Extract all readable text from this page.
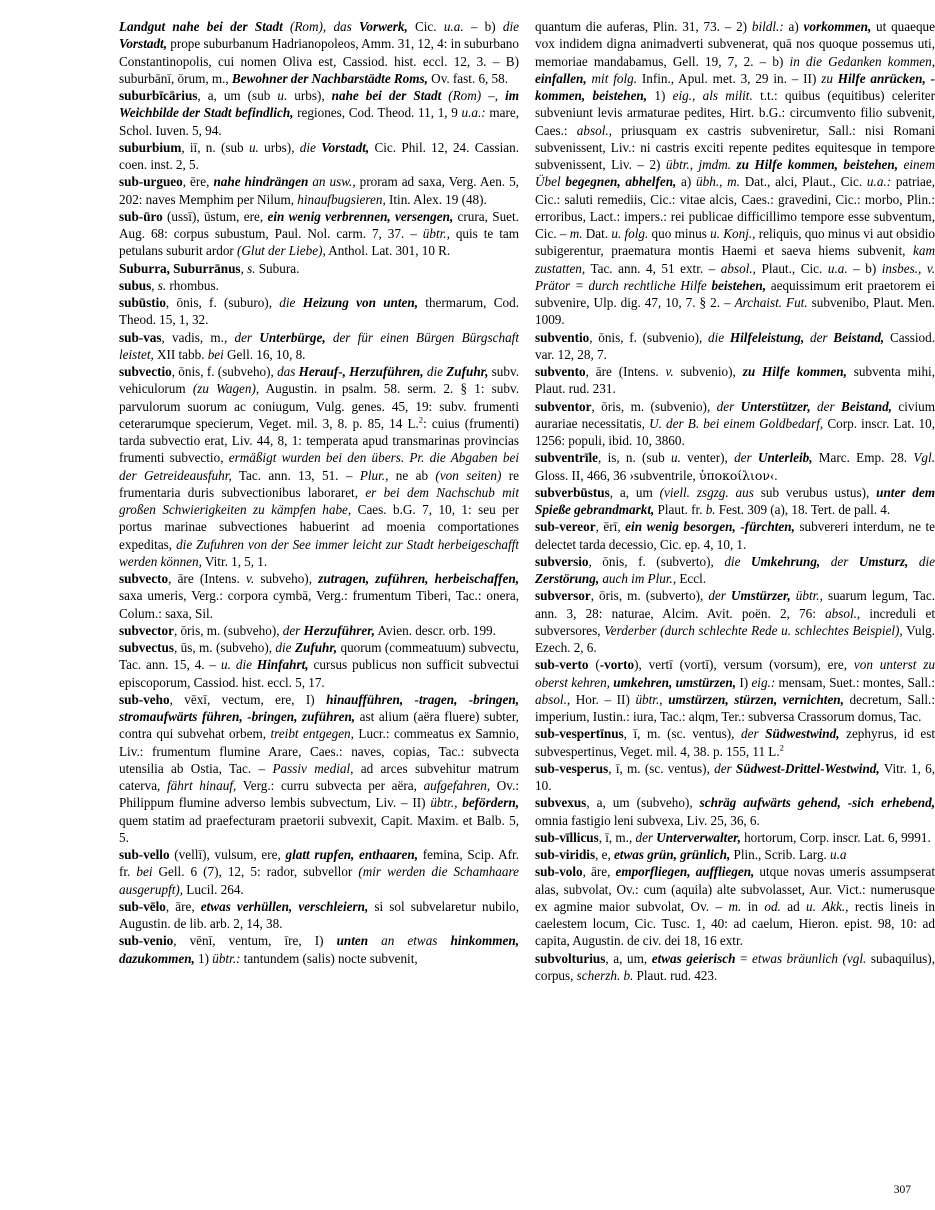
Landgut nahe bei der Stadt (Rom), das Vorwerk, Cic. u.a. – b) die Vorstadt, prope suburbanum Hadrianopoleos, Amm. 31, 12, 4: in suburbano Constantinopolis, cui nomen Oliva est, Cassiod. hist. eccl. 12, 3. – B) suburbānī, ōrum, m., Bewohner der Nachbarstädte Roms, Ov. fast. 6, 58.

suburbīcārius, a, um (sub u. urbs), nahe bei der Stadt (Rom) –, im Weichbilde der Stadt befindlich, regiones, Cod. Theod. 11, 1, 9 u.a.: mare, Schol. Iuven. 5, 94.

suburbium, iī, n. (sub u. urbs), die Vorstadt, Cic. Phil. 12, 24. Cassian. coen. inst. 2, 5.

sub-urgueo, ēre, nahe hindrängen an usw., proram ad saxa, Verg. Aen. 5, 202: naves Memphim per Nilum, hinaufbugsieren, Itin. Alex. 19 (48).

sub-ūro (ussī), ūstum, ere, ein wenig verbrennen, versengen, crura, Suet. Aug. 68: corpus subustum, Paul. Nol. carm. 7, 37. – übtr., quis te tam petulans suburit ardor (Glut der Liebe), Anthol. Lat. 301, 10 R.

Suburra, Suburrānus, s. Subura.

subus, s. rhombus.

subūstio, ōnis, f. (suburo), die Heizung von unten, thermarum, Cod. Theod. 15, 1, 32.

sub-vas, vadis, m., der Unterbürge, der für einen Bürgen Bürgschaft leistet, XII tabb. bei Gell. 16, 10, 8.

subvectio, ōnis, f. (subveho), das Herauf-, Herzuführen, die Zufuhr, subv. vehiculorum (zu Wagen), Augustin. in psalm. 58. serm. 2. § 1: subv. parvulorum suorum ac coniugum, Vulg. genes. 45, 19: subv. frumenti ceterarumque specierum, Veget. mil. 3, 8. p. 85, 14 L.$^2$: cuius (frumenti) tarda subvectio erat, Liv. 44, 8, 1: temperata apud transmarinas provincias frumenti subvectio, ermäßigt wurden bei den übers. Pr. die Abgaben bei der Getreideausfuhr, Tac. ann. 13, 51. – Plur., ne ab (von seiten) re frumentaria duris subvectionibus laboraret, er bei dem Nachschub mit großen Schwierigkeiten zu kämpfen habe, Caes. b.G. 7, 10, 1: seu per portus marinae subvectiones habuerint ad moenia comportationes expeditas, die Zufuhren von der See immer leicht zur Stadt herbeigeschafft werden können, Vitr. 1, 5, 1.

subvecto, āre (Intens. v. subveho), zutragen, zuführen, herbeischaffen, saxa umeris, Verg.: corpora cymbā, Verg.: frumentum Tiberi, Tac.: onera, Colum.: saxa, Sil.

subvector, ōris, m. (subveho), der Herzuführer, Avien. descr. orb. 199.

subvectus, ūs, m. (subveho), die Zufuhr, quorum (commeatuum) subvectu, Tac. ann. 15, 4. – u. die Hinfahrt, cursus publicus non sufficit subvectui episcoporum, Cassiod. hist. eccl. 5, 17.

sub-veho, vēxī, vectum, ere, I) hinaufführen, -tragen, -bringen, stromaufwärts führen, -bringen, zuführen, ast alium (aëra fluere) subter, contra qui subvehat orbem, treibt entgegen, Lucr.: commeatus ex Samnio, Liv.: frumentum flumine Arare, Caes.: naves, copias, Tac.: subvecta utensilia ab Ostia, Tac. – Passiv medial, ad arces subvehitur matrum caterva, fährt hinauf, Verg.: curru subvecta per aëra, aufgefahren, Ov.: Philippum flumine adverso lembis subvectum, Liv. – II) übtr., befördern, quem statim ad praefecturam praetorii subvexit, Capit. Maxim. et Balb. 5, 5.

sub-vello (vellī), vulsum, ere, glatt rupfen, enthaaren, femina, Scip. Afr. fr. bei Gell. 6 (7), 12, 5: rador, subvellor (mir werden die Schamhaare ausgerupft), Lucil. 264.

sub-vēlo, āre, etwas verhüllen, verschleiern, si sol subvelaretur nubilo, Augustin. de lib. arb. 2, 14, 38.

sub-venio, vēnī, ventum, īre, I) unten an etwas hinkommen, dazukommen, 1) übtr.: tantundem (salis) nocte subvenit,

quantum die auferas, Plin. 31, 73. – 2) bildl.: a) vorkommen, ut quaeque vox indidem digna animadverti subvenerat, quā nos quoque possemus uti, memoriae mandabamus, Gell. 19, 7, 2. – b) in die Gedanken kommen, einfallen, mit folg. Infin., Apul. met. 3, 29 in. – II) zu Hilfe anrücken, -kommen, beistehen, 1) eig., als milit. t.t.: quibus (equitibus) celeriter subveniunt levis armaturae pedites, Hirt. b.G.: circumvento filio subvenit, Caes.: absol., priusquam ex castris subveniretur, Sall.: nisi Romani subvenissent, Liv.: ni castris exciti repente pedites equitesque in tempore subvenissent, Liv. – 2) übtr., jmdm. zu Hilfe kommen, beistehen, einem Übel begegnen, abhelfen, a) übh., m. Dat., alci, Plaut., Cic. u.a.: patriae, Cic.: saluti remediis, Cic.: vitae alcis, Caes.: gravedini, Cic.: morbo, Plin.: erroribus, Lact.: impers.: rei publicae difficillimo tempore esse subventum, Cic. – m. Dat. u. folg. quo minus u. Konj., reliquis, quo minus vi aut obsidio subigerentur, praematura montis Haemi et saeva hiems subvenit, kam zustatten, Tac. ann. 4, 51 extr. – absol., Plaut., Cic. u.a. – b) insbes., v. Prätor = durch rechtliche Hilfe beistehen, aequissimum erit praetorem ei subvenire, Ulp. dig. 47, 10, 7. § 2. – Archaist. Fut. subvenibo, Plaut. Men. 1009.

subventio, ōnis, f. (subvenio), die Hilfeleistung, der Beistand, Cassiod. var. 12, 28, 7.

subvento, āre (Intens. v. subvenio), zu Hilfe kommen, subventa mihi, Plaut. rud. 231.

subventor, ōris, m. (subvenio), der Unterstützer, der Beistand, civium aurariae necessitatis, U. der B. bei einem Goldbedarf, Corp. inscr. Lat. 10, 1256: populi, ibid. 10, 3860.

subventrīle, is, n. (sub u. venter), der Unterleib, Marc. Emp. 28. Vgl. Gloss. II, 466, 36 ›subventrile, ὑποκοίλιον‹.

subverbūstus, a, um (viell. zsgzg. aus sub verubus ustus), unter dem Spieße gebrandmarkt, Plaut. fr. b. Fest. 309 (a), 18. Tert. de pall. 4.

sub-vereor, ērī, ein wenig besorgen, -fürchten, subvereri interdum, ne te delectet tarda decessio, Cic. ep. 4, 10, 1.

subversio, ōnis, f. (subverto), die Umkehrung, der Umsturz, die Zerstörung, auch im Plur., Eccl.

subversor, ōris, m. (subverto), der Umstürzer, übtr., suarum legum, Tac. ann. 3, 28: naturae, Alcim. Avit. poën. 2, 76: absol., increduli et subversores, Verderber (durch schlechte Rede u. schlechtes Beispiel), Vulg. Ezech. 2, 6.

sub-verto (-vorto), vertī (vortī), versum (vorsum), ere, von unterst zu oberst kehren, umkehren, umstürzen, I) eig.: mensam, Suet.: montes, Sall.: absol., Hor. – II) übtr., umstürzen, stürzen, vernichten, decretum, Sall.: imperium, Iustin.: iura, Tac.: alqm, Ter.: subversa Crassorum domus, Tac.

sub-vespertīnus, ī, m. (sc. ventus), der Südwestwind, zephyrus, id est subvespertinus, Veget. mil. 4, 38. p. 155, 11 L.$^2$

sub-vesperus, ī, m. (sc. ventus), der Südwest-Drittel-Westwind, Vitr. 1, 6, 10.

subvexus, a, um (subveho), schräg aufwärts gehend, -sich erhebend, omnia fastigio leni subvexa, Liv. 25, 36, 6.

sub-vīllicus, ī, m., der Unterverwalter, hortorum, Corp. inscr. Lat. 6, 9991.

sub-viridis, e, etwas grün, grünlich, Plin., Scrib. Larg. u.a

sub-volo, āre, emporfliegen, auffliegen, utque novas umeris assumpserat alas, subvolat, Ov.: cum (aquila) alte subvolasset, Aur. Vict.: numerusque ex agmine maior subvolat, Ov. – m. in od. ad u. Akk., rectis lineis in caelestem locum, Cic. Tusc. 1, 40: ad caelum, Hieron. epist. 98, 10: ad capita, Augustin. de civ. dei 18, 16 extr.

subvolturius, a, um, etwas geierisch = etwas bräunlich (vgl. subaquilus), corpus, scherzh. b. Plaut. rud. 423.

307
